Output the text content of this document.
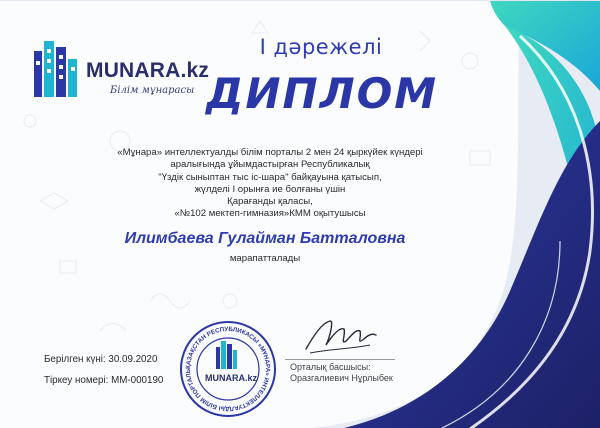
MUNARA.kz
Білім мұнарасы
I дәрежелі
ДИПЛОМ
«Мұнара» интеллектуалды білім порталы 2 мен 24 қыркүйек күндері
аралығында ұйымдастырған Республикалық
"Үздік сыныптан тыс іс-шара" байқауына қатысып,
жүлделі I орынға ие болғаны үшін
Қарағанды қаласы,
«№102 мектеп-гимназия»КММ оқытушысы
Илимбаева Гулайман Батталовна
марапатталады
Берілген күні: 30.09.2020
Тіркеу номері: ММ-000190
ҚАЗАҚСТАН РЕСПУБЛИКАСЫ «МҰНАРА» ИНТЕЛЛЕКТУАЛДЫ БІЛІМ ПОРТАЛЫ
MUNARA.kz
Орталық басшысы:
Оразгалиевич Нұрлыбек
